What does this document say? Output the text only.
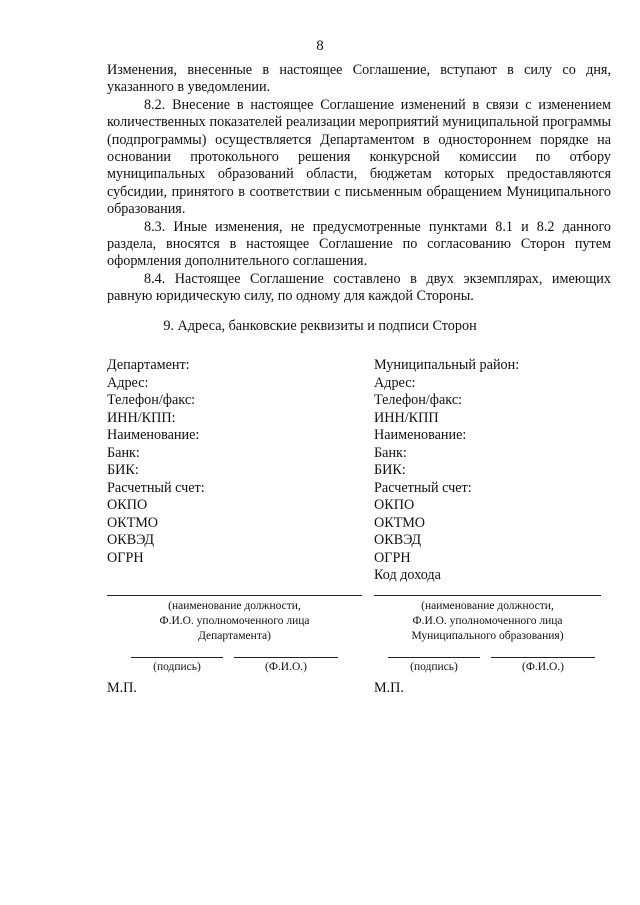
8

Изменения, внесенные в настоящее Соглашение, вступают в силу со дня, указанного в уведомлении.

8.2. Внесение в настоящее Соглашение изменений в связи с изменением количественных показателей реализации мероприятий муниципальной программы (подпрограммы) осуществляется Департаментом в одностороннем порядке на основании протокольного решения конкурсной комиссии по отбору муниципальных образований области, бюджетам которых предоставляются субсидии, принятого в соответствии с письменным обращением Муниципального образования.

8.3. Иные изменения, не предусмотренные пунктами 8.1 и 8.2 данного раздела, вносятся в настоящее Соглашение по согласованию Сторон путем оформления дополнительного соглашения.

8.4. Настоящее Соглашение составлено в двух экземплярах, имеющих равную юридическую силу, по одному для каждой Стороны.

9. Адреса, банковские реквизиты и подписи Сторон
Департамент:
Адрес:
Телефон/факс:
ИНН/КПП:
Наименование:
Банк:
БИК:
Расчетный счет:
ОКПО
ОКТМО
ОКВЭД
ОГРН
Муниципальный район:
Адрес:
Телефон/факс:
ИНН/КПП
Наименование:
Банк:
БИК:
Расчетный счет:
ОКПО
ОКТМО
ОКВЭД
ОГРН
Код дохода
(наименование должности,
Ф.И.О. уполномоченного лица
Департамента)
(подпись)	(Ф.И.О.)
М.П.
(наименование должности,
Ф.И.О. уполномоченного лица
Муниципального образования)
(подпись)	(Ф.И.О.)
М.П.
